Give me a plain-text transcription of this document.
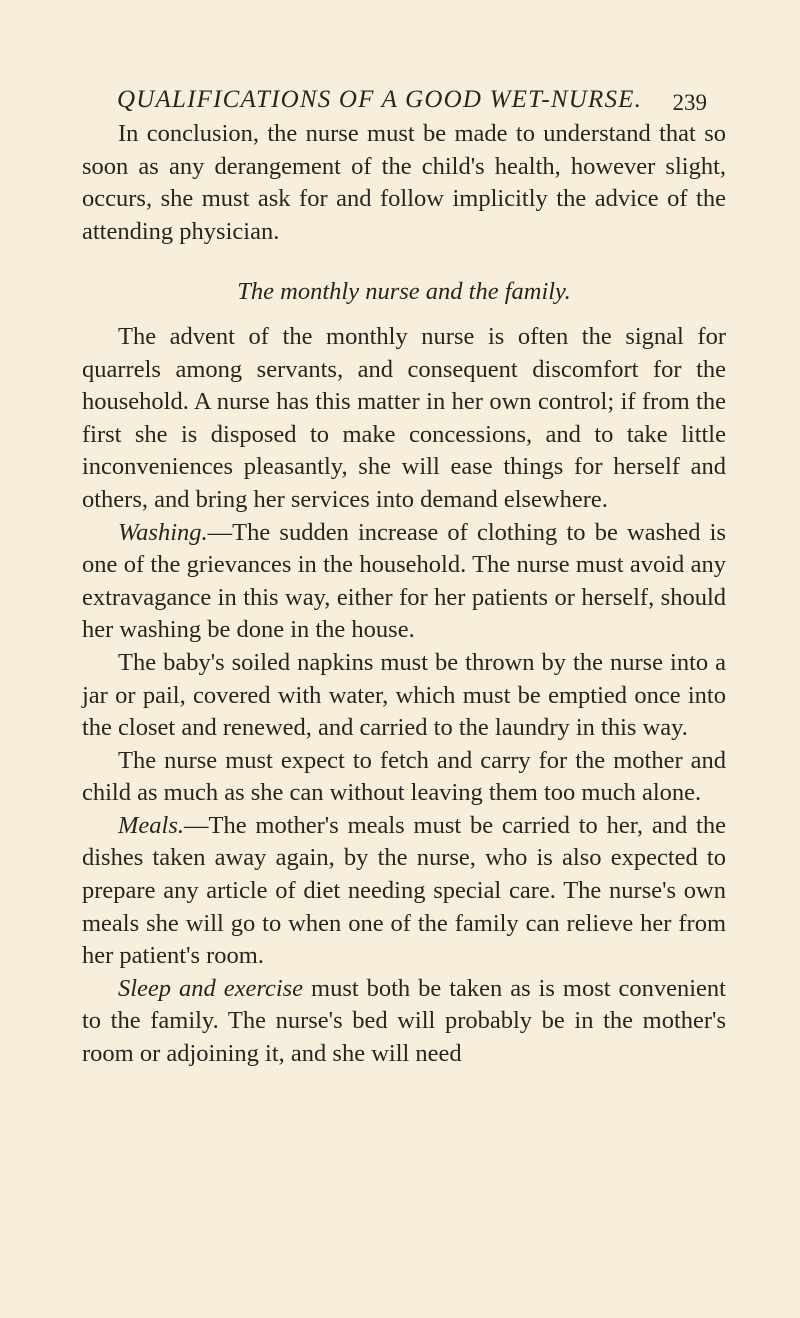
QUALIFICATIONS OF A GOOD WET-NURSE. 239

In conclusion, the nurse must be made to understand that so soon as any derangement of the child's health, however slight, occurs, she must ask for and follow implicitly the advice of the attending physician.

The monthly nurse and the family.

The advent of the monthly nurse is often the signal for quarrels among servants, and consequent discomfort for the household. A nurse has this matter in her own control; if from the first she is disposed to make concessions, and to take little inconveniences pleasantly, she will ease things for herself and others, and bring her services into demand elsewhere.

Washing.—The sudden increase of clothing to be washed is one of the grievances in the household. The nurse must avoid any extravagance in this way, either for her patients or herself, should her washing be done in the house.

The baby's soiled napkins must be thrown by the nurse into a jar or pail, covered with water, which must be emptied once into the closet and renewed, and carried to the laundry in this way.

The nurse must expect to fetch and carry for the mother and child as much as she can without leaving them too much alone.

Meals.—The mother's meals must be carried to her, and the dishes taken away again, by the nurse, who is also expected to prepare any article of diet needing special care. The nurse's own meals she will go to when one of the family can relieve her from her patient's room.

Sleep and exercise must both be taken as is most convenient to the family. The nurse's bed will probably be in the mother's room or adjoining it, and she will need
